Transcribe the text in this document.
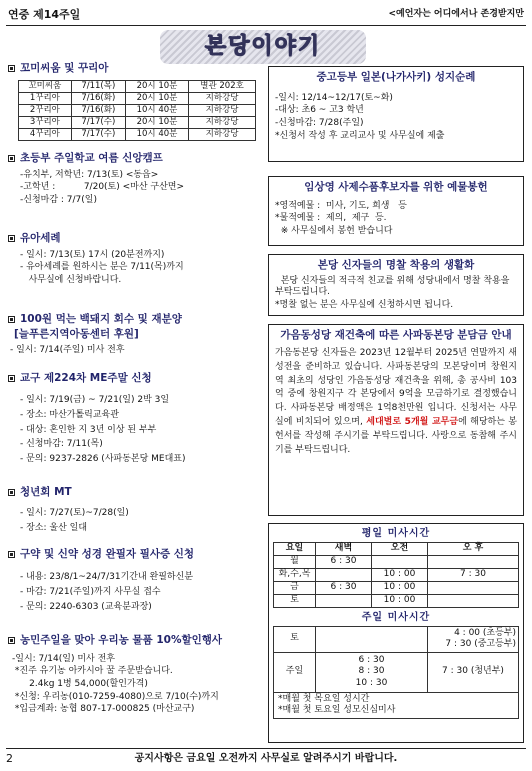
연중 제14주일	<예언자는 어디에서나 존경받지만
본당이야기
꼬미씨움 및 꾸리아
꼬미씨움	7/11(목)	20시 10분	별관 202호
1꾸리아	7/16(화)	20시 10분	지하강당
2꾸리아	7/16(화)	10시 40분	지하강당
3꾸리아	7/17(수)	20시 10분	지하강당
4꾸리아	7/17(수)	10시 40분	지하강당
초등부 주일학교 여름 신앙캠프
-유치부, 저학년: 7/13(토) <동읍>
-고학년 :          7/20(토) <마산 구산면>
-신청마감 : 7/7(일)
유아세례
- 일시: 7/13(토) 17시 (20분전까지)
- 유아세례를 원하시는 분은 7/11(목)까지
사무실에 신청바랍니다.
100원 먹는 백돼지 회수 및 재분양
[늘푸른지역아동센터 후원]
- 일시: 7/14(주일) 미사 전후
교구 제224차 ME주말 신청
- 일시: 7/19(금) ~ 7/21(일) 2박 3일
- 장소: 마산가톨릭교육관
- 대상: 혼인한 지 3년 이상 된 부부
- 신청마감: 7/11(목)
- 문의: 9237-2826 (사파동본당 ME대표)
청년회 MT
- 일시: 7/27(토)~7/28(일)
- 장소: 울산 일대
구약 및 신약 성경 완필자 필사증 신청
- 내용: 23/8/1~24/7/31기간내 완필하신분
- 마감: 7/21(주일)까지 사무실 접수
- 문의: 2240-6303 (교육분과장)
농민주일을 맞아 우리농 물품 10%할인행사
-일시: 7/14(일) 미사 전후
*진주 유기농 아카시아 꿀 주문받습니다.
2.4kg 1병 54,000(할인가격)
*신청: 우리농(010-7259-4080)으로 7/10(수)까지
*입금계좌: 농협 807-17-000825 (마산교구)
중고등부 일본(나가사키) 성지순례
-일시: 12/14~12/17(토~화)
-대상: 초6 ~ 고3 학년
-신청마감: 7/28(주일)
*신청서 작성 후 교리교사 및 사무실에 제출
임상영 사제수품후보자를 위한 예물봉헌
*영적예물 :  미사, 기도, 희생   등
*물적예물 :  제의,  제구  등.
※ 사무실에서 봉헌 받습니다
본당 신자들의 명찰 착용의 생활화
본당 신자들의 적극적 친교를 위해 성당내에서 명찰 착용을 부탁드립니다.
*명찰 없는 분은 사무실에 신청하시면 됩니다.
가음동성당 재건축에 따른 사파동본당 분담금 안내
가음동본당 신자들은 2023년 12월부터 2025년 연말까지 새 성전을 준비하고 있습니다. 사파동본당의 모본당이며 창원지역 최초의 성당인 가음동성당 재건축을 위해, 총 공사비 103억 중에 창원지구 각 본당에서 9억을 모금하기로 결정했습니다. 사파동본당 배정액은 1억8천만원 입니다. 신청서는 사무실에 비치되어 있으며, 세대별로 5개월 교무금에 해당하는 봉헌서를 작성해 주시기를 부탁드립니다. 사랑으로 동참해 주시기를 부탁드립니다.
평일 미사시간
요일	새벽	오전	오 후
월	6 : 30		
화,수,목		10 : 00	7 : 30
금	6 : 30	10 : 00	
토		10 : 00	
주일 미사시간
토		4 : 00 (초등부)
7 : 30 (중고등부)

주일	6 : 30
8 : 30
10 : 30	7 : 30 (청년부)

*매월 첫 목요일 성시간
*매월 첫 토요일 성모신심미사		
2	공지사항은 금요일 오전까지 사무실로 알려주시기 바랍니다.
